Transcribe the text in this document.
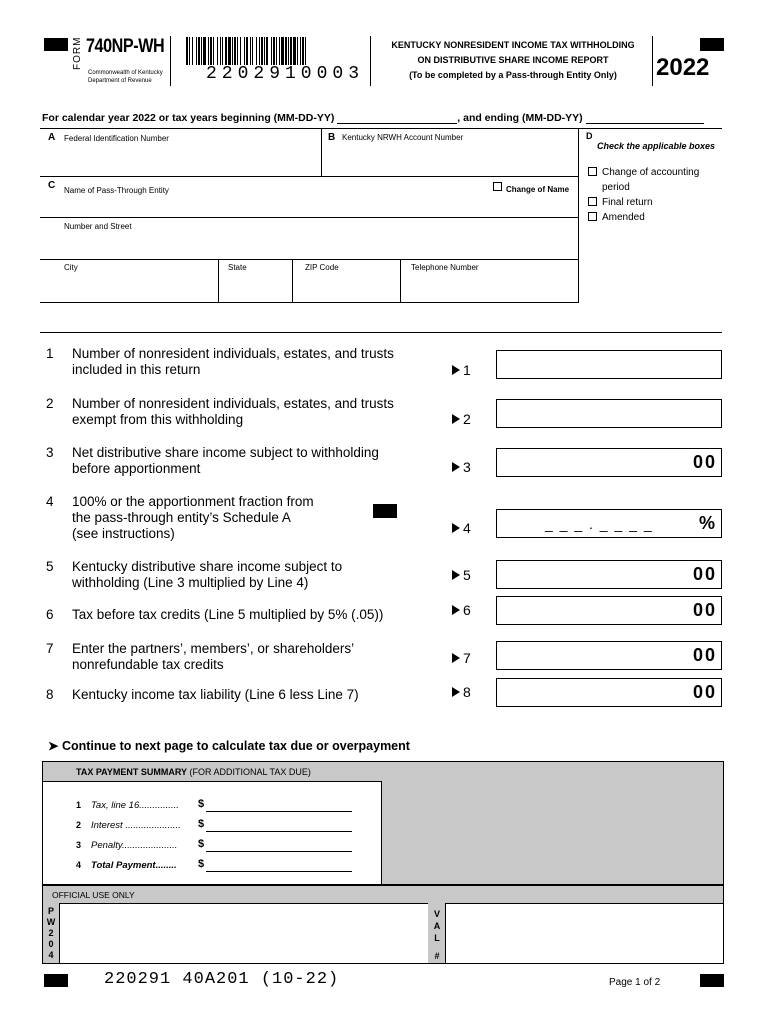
FORM 740NP-WH
Commonwealth of Kentucky
Department of Revenue	2202910003
KENTUCKY NONRESIDENT INCOME TAX WITHHOLDING
ON DISTRIBUTIVE SHARE INCOME REPORT
(To be completed by a Pass-through Entity Only)	2022
For calendar year 2022 or tax years beginning (MM-DD-YY)	, and ending (MM-DD-YY)
A Federal Identification Number	B Kentucky NRWH Account Number
C Name of Pass-Through Entity	Change of Name
Number and Street
City	State	ZIP Code	Telephone Number
D
Check the applicable boxes
Change of accounting
period
Final return
Amended
1 Number of nonresident individuals, estates, and trusts
included in this return	1
2 Number of nonresident individuals, estates, and trusts
exempt from this withholding	2
3 Net distributive share income subject to withholding
before apportionment	3	00
4 100% or the apportionment fraction from
the pass-through entity’s Schedule A
(see instructions)	4	_ _ _ . _ _ _ _	%
5 Kentucky distributive share income subject to
withholding (Line 3 multiplied by Line 4)	5	00
6 Tax before tax credits (Line 5 multiplied by 5% (.05))	6	00
7 Enter the partners’, members’, or shareholders’
nonrefundable tax credits	7	00
8 Kentucky income tax liability (Line 6 less Line 7)	8	00
➤ Continue to next page to calculate tax due or overpayment
TAX PAYMENT SUMMARY (FOR ADDITIONAL TAX DUE)
1 Tax, line 16............... $
2 Interest ..................... $
3 Penalty..................... $
4 Total Payment........ $
OFFICIAL USE ONLY
P
W
2
0
4
V
A
L
#
220291 40A201 (10-22)	Page 1 of 2
